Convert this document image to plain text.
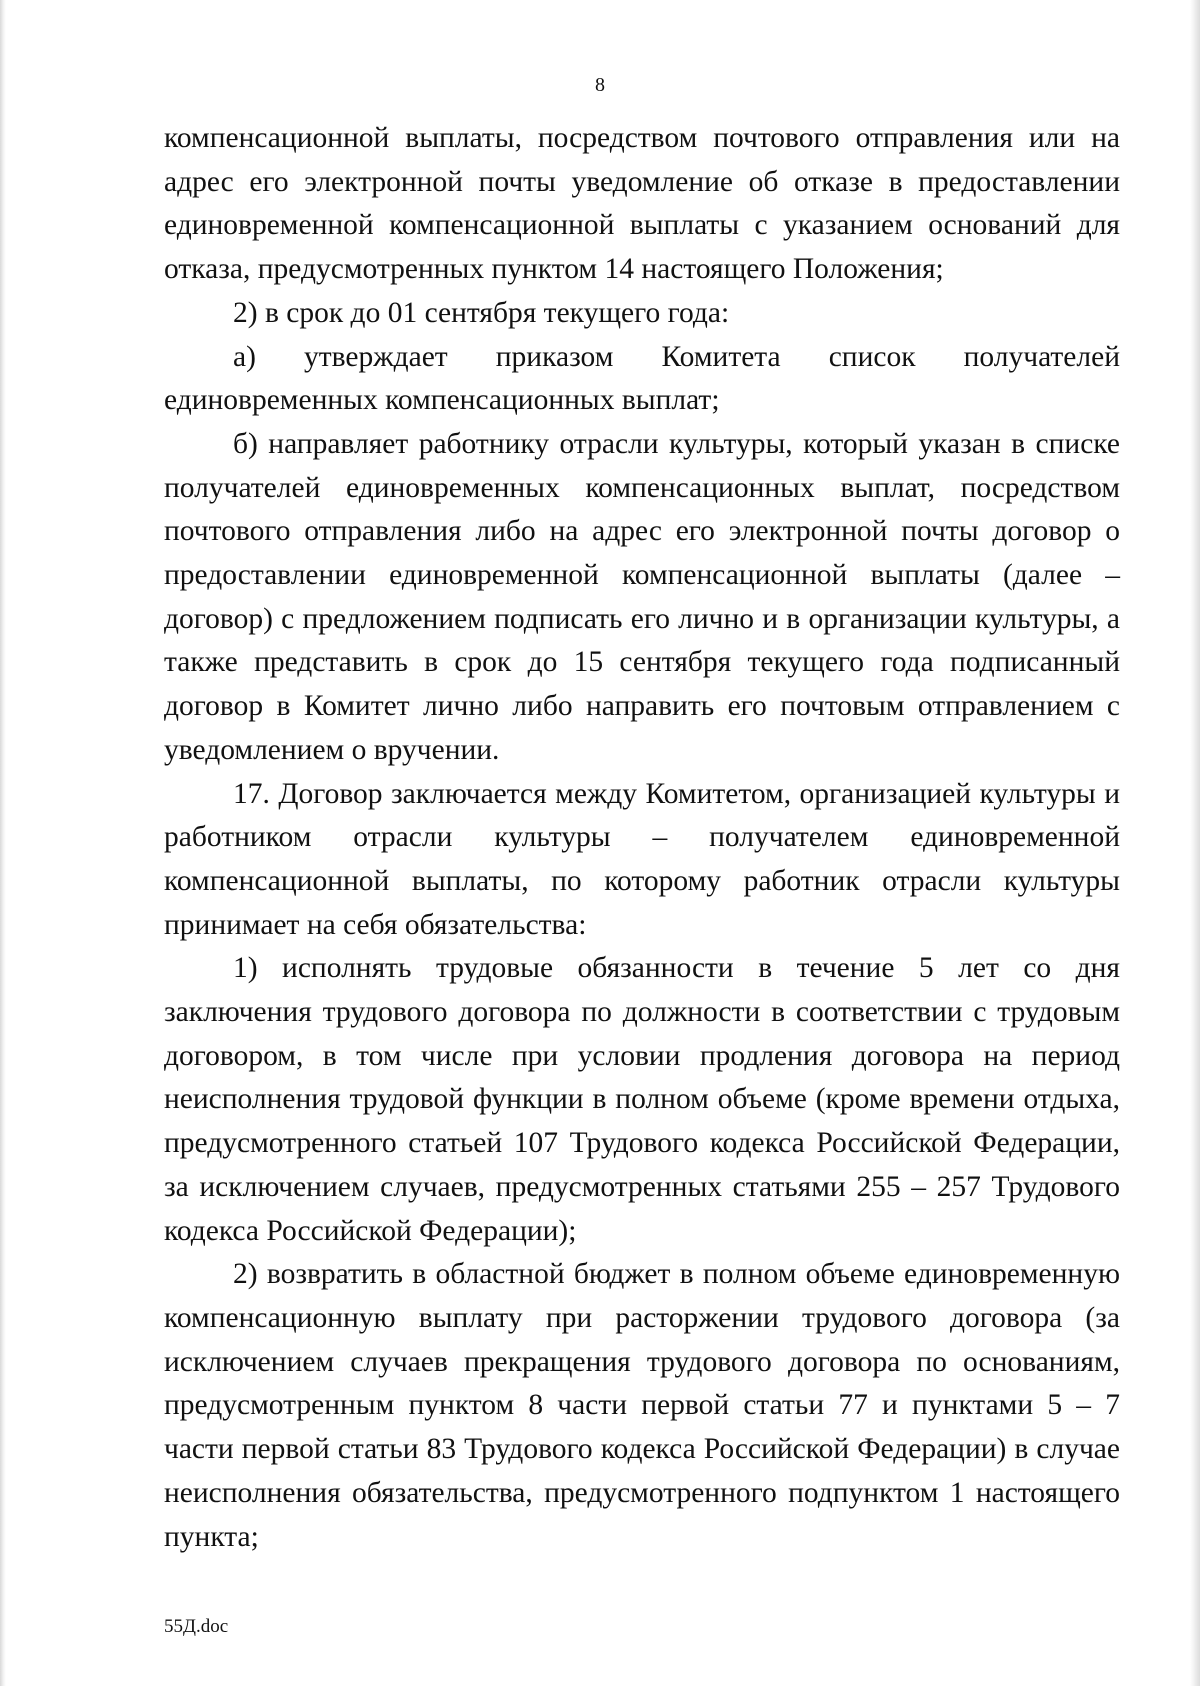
8

компенсационной выплаты, посредством почтового отправления или на адрес его электронной почты уведомление об отказе в предоставлении единовременной компенсационной выплаты с указанием оснований для отказа, предусмотренных пунктом 14 настоящего Положения;

2) в срок до 01 сентября текущего года:

а) утверждает приказом Комитета список получателей единовременных компенсационных выплат;

б) направляет работнику отрасли культуры, который указан в списке получателей единовременных компенсационных выплат, посредством почтового отправления либо на адрес его электронной почты договор о предоставлении единовременной компенсационной выплаты (далее – договор) с предложением подписать его лично и в организации культуры, а также представить в срок до 15 сентября текущего года подписанный договор в Комитет лично либо направить его почтовым отправлением с уведомлением о вручении.

17. Договор заключается между Комитетом, организацией культуры и работником отрасли культуры – получателем единовременной компенсационной выплаты, по которому работник отрасли культуры принимает на себя обязательства:

1) исполнять трудовые обязанности в течение 5 лет со дня заключения трудового договора по должности в соответствии с трудовым договором, в том числе при условии продления договора на период неисполнения трудовой функции в полном объеме (кроме времени отдыха, предусмотренного статьей 107 Трудового кодекса Российской Федерации, за исключением случаев, предусмотренных статьями 255 – 257 Трудового кодекса Российской Федерации);

2) возвратить в областной бюджет в полном объеме единовременную компенсационную выплату при расторжении трудового договора (за исключением случаев прекращения трудового договора по основаниям, предусмотренным пунктом 8 части первой статьи 77 и пунктами 5 – 7 части первой статьи 83 Трудового кодекса Российской Федерации) в случае неисполнения обязательства, предусмотренного подпунктом 1 настоящего пункта;

55Д.doc
